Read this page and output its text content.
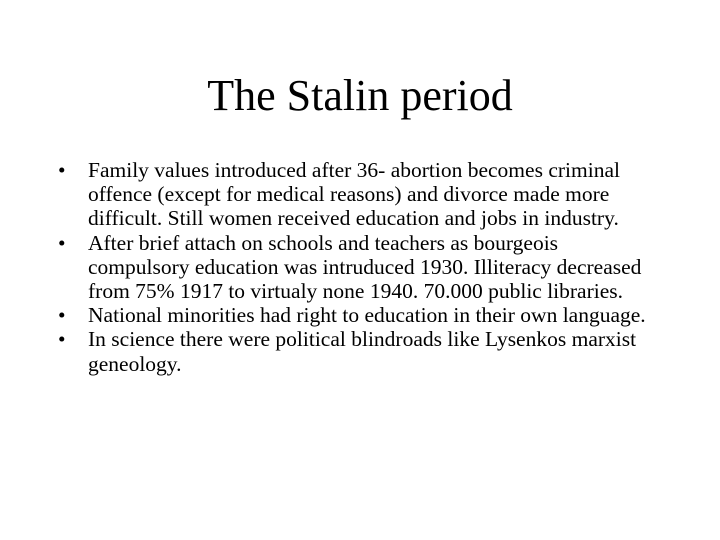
The Stalin period
•	Family values introduced after 36- abortion becomes criminal offence (except for medical reasons) and divorce made more difficult. Still women received education and jobs in industry.
•	After brief attach on schools and teachers as bourgeois compulsory education was intruduced 1930. Illiteracy decreased from 75% 1917 to virtualy none 1940. 70.000 public libraries.
•	National minorities had right to education in their own language.
•	In science there were political blindroads like Lysenkos marxist geneology.
